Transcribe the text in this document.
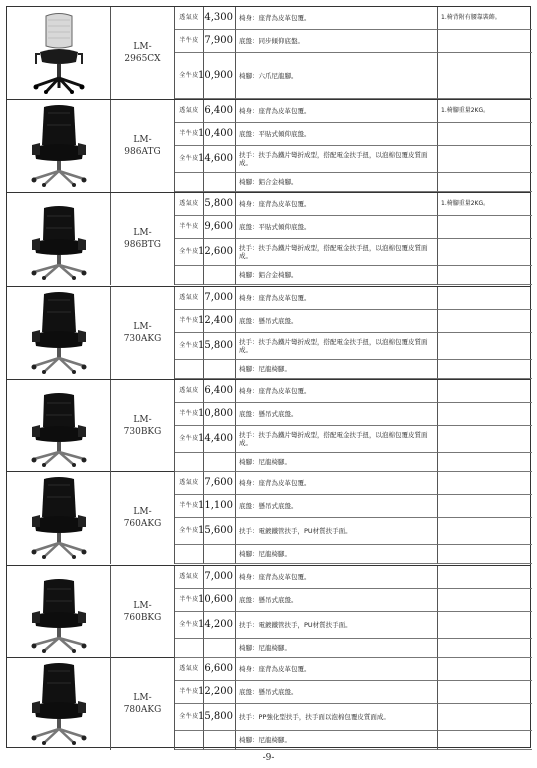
LM-
2965CX
透氣皮 4,300 椅身：座背為皮革包覆。	1.椅背附有腰靠裝飾。
半牛皮 7,900 底盤：同步傾仰底盤。
全牛皮 10,900 椅腳：六爪尼龍腳。
LM-
986ATG
透氣皮 6,400 椅身：座背為皮革包覆。	1.椅腳重量2KG。
半牛皮 10,400 底盤：平貼式傾仰底盤。
全牛皮 14,600 扶手：扶手為鐵片彎折成型，搭配電金扶手扭，以泡棉包覆皮質面成。
椅腳：鋁合金椅腳。
LM-
986BTG
透氣皮 5,800 椅身：座背為皮革包覆。	1.椅腳重量2KG。
半牛皮 9,600 底盤：平貼式傾仰底盤。
全牛皮 12,600 扶手：扶手為鐵片彎折成型，搭配電金扶手扭，以泡棉包覆皮質面成。
椅腳：鋁合金椅腳。
LM-
730AKG
透氣皮 7,000 椅身：座背為皮革包覆。
半牛皮 12,400 底盤：懸吊式底盤。
全牛皮 15,800 扶手：扶手為鐵片彎折成型，搭配電金扶手扭，以泡棉包覆皮質面成。
椅腳：尼龍椅腳。
LM-
730BKG
透氣皮 6,400 椅身：座背為皮革包覆。
半牛皮 10,800 底盤：懸吊式底盤。
全牛皮 14,400 扶手：扶手為鐵片彎折成型，搭配電金扶手扭，以泡棉包覆皮質面成。
椅腳：尼龍椅腳。
LM-
760AKG
透氣皮 7,600 椅身：座背為皮革包覆。
半牛皮 11,100 底盤：懸吊式底盤。
全牛皮 15,600 扶手：電鍍鐵管扶手，PU材質扶手面。
椅腳：尼龍椅腳。
LM-
760BKG
透氣皮 7,000 椅身：座背為皮革包覆。
半牛皮 10,600 底盤：懸吊式底盤。
全牛皮 14,200 扶手：電鍍鐵管扶手，PU材質扶手面。
椅腳：尼龍椅腳。
LM-
780AKG
透氣皮 6,600 椅身：座背為皮革包覆。
半牛皮 12,200 底盤：懸吊式底盤。
全牛皮 15,800 扶手：PP強化型扶手，扶手面以泡棉包覆皮質面成。
椅腳：尼龍椅腳。
-9-
